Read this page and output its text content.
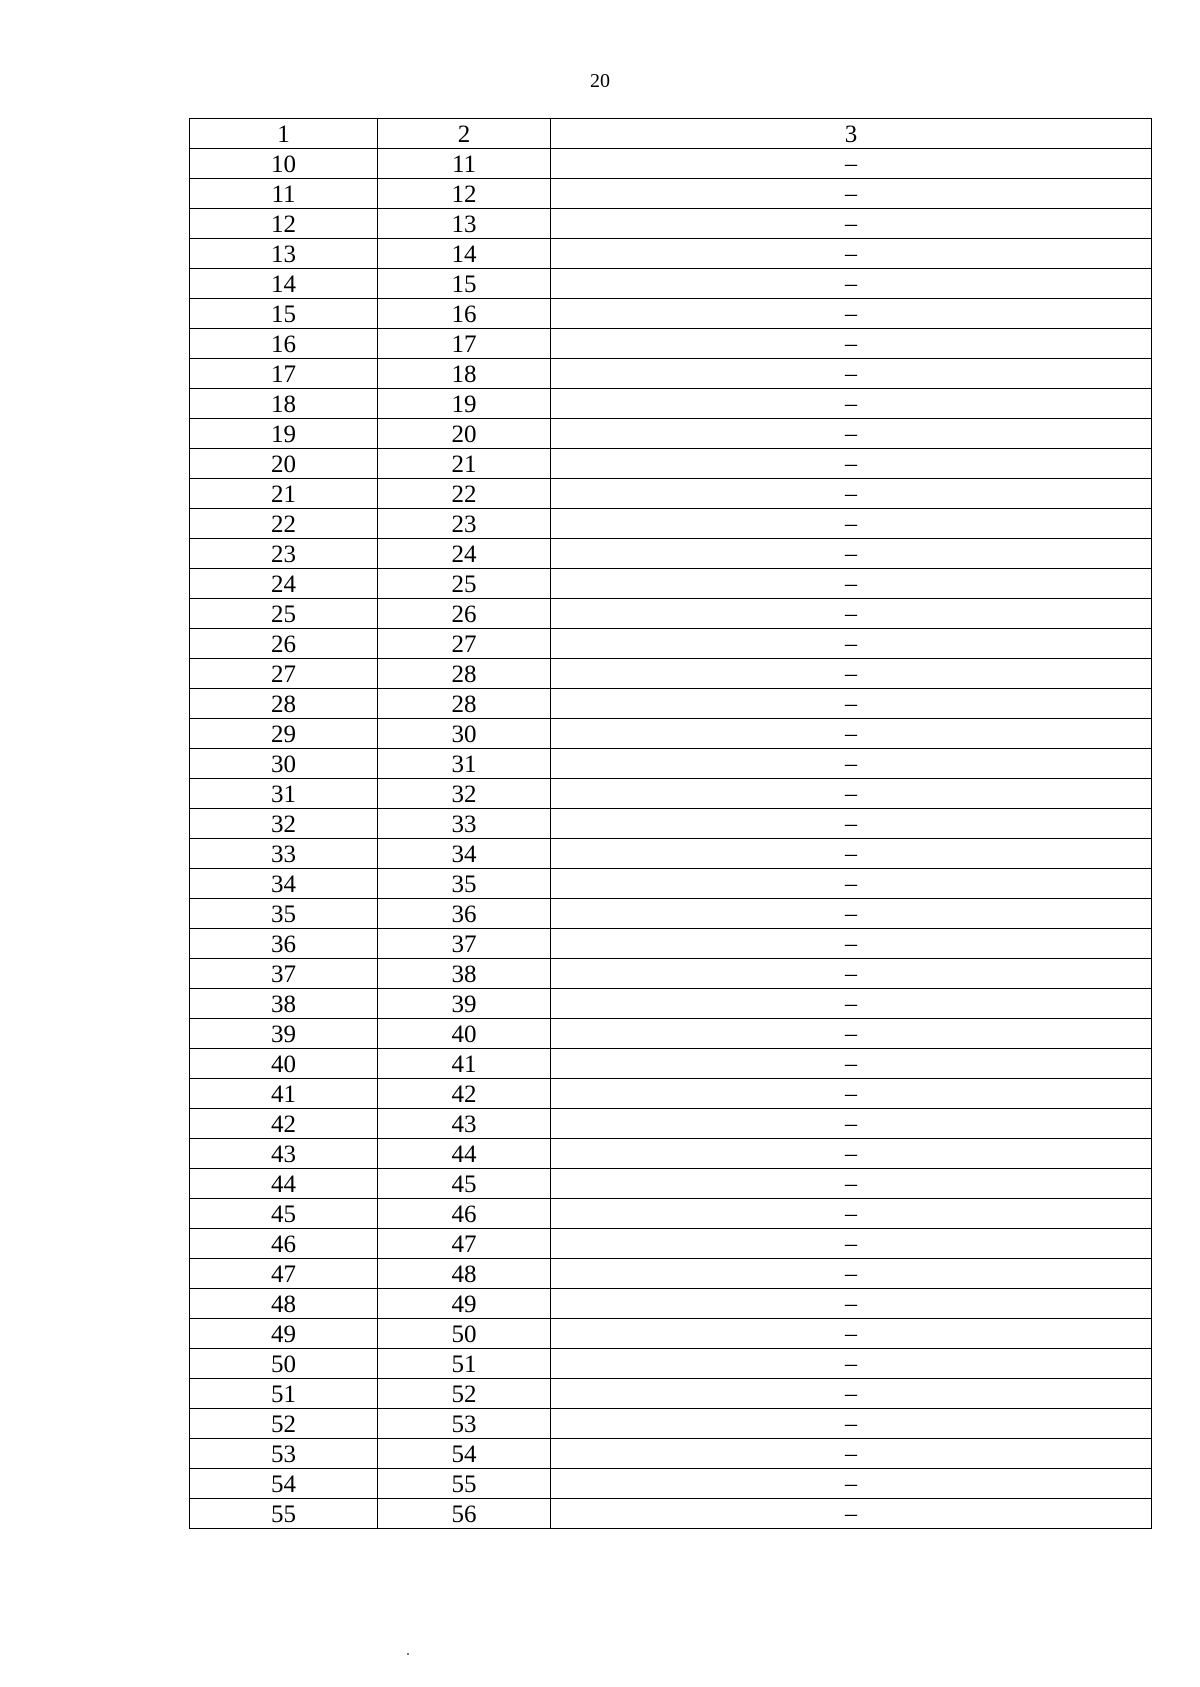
20
1	2	3
10	11	–
11	12	–
12	13	–
13	14	–
14	15	–
15	16	–
16	17	–
17	18	–
18	19	–
19	20	–
20	21	–
21	22	–
22	23	–
23	24	–
24	25	–
25	26	–
26	27	–
27	28	–
28	28	–
29	30	–
30	31	–
31	32	–
32	33	–
33	34	–
34	35	–
35	36	–
36	37	–
37	38	–
38	39	–
39	40	–
40	41	–
41	42	–
42	43	–
43	44	–
44	45	–
45	46	–
46	47	–
47	48	–
48	49	–
49	50	–
50	51	–
51	52	–
52	53	–
53	54	–
54	55	–
55	56	–
